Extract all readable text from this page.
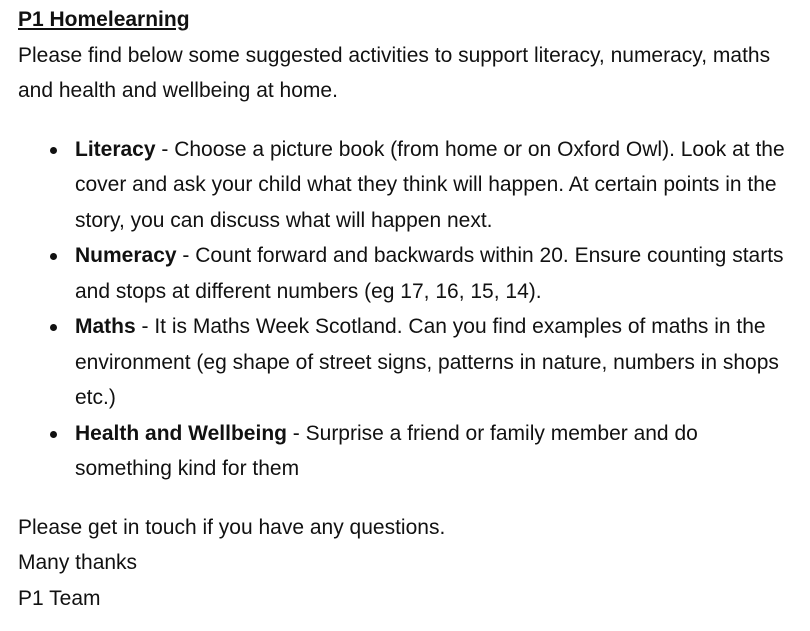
P1 Homelearning

Please find below some suggested activities to support literacy, numeracy, maths and health and wellbeing at home.

Literacy - Choose a picture book (from home or on Oxford Owl). Look at the cover and ask your child what they think will happen. At certain points in the story, you can discuss what will happen next.
Numeracy - Count forward and backwards within 20. Ensure counting starts and stops at different numbers (eg 17, 16, 15, 14).
Maths - It is Maths Week Scotland. Can you find examples of maths in the environment (eg shape of street signs, patterns in nature, numbers in shops etc.)
Health and Wellbeing - Surprise a friend or family member and do something kind for them

Please get in touch if you have any questions.

Many thanks

P1 Team
